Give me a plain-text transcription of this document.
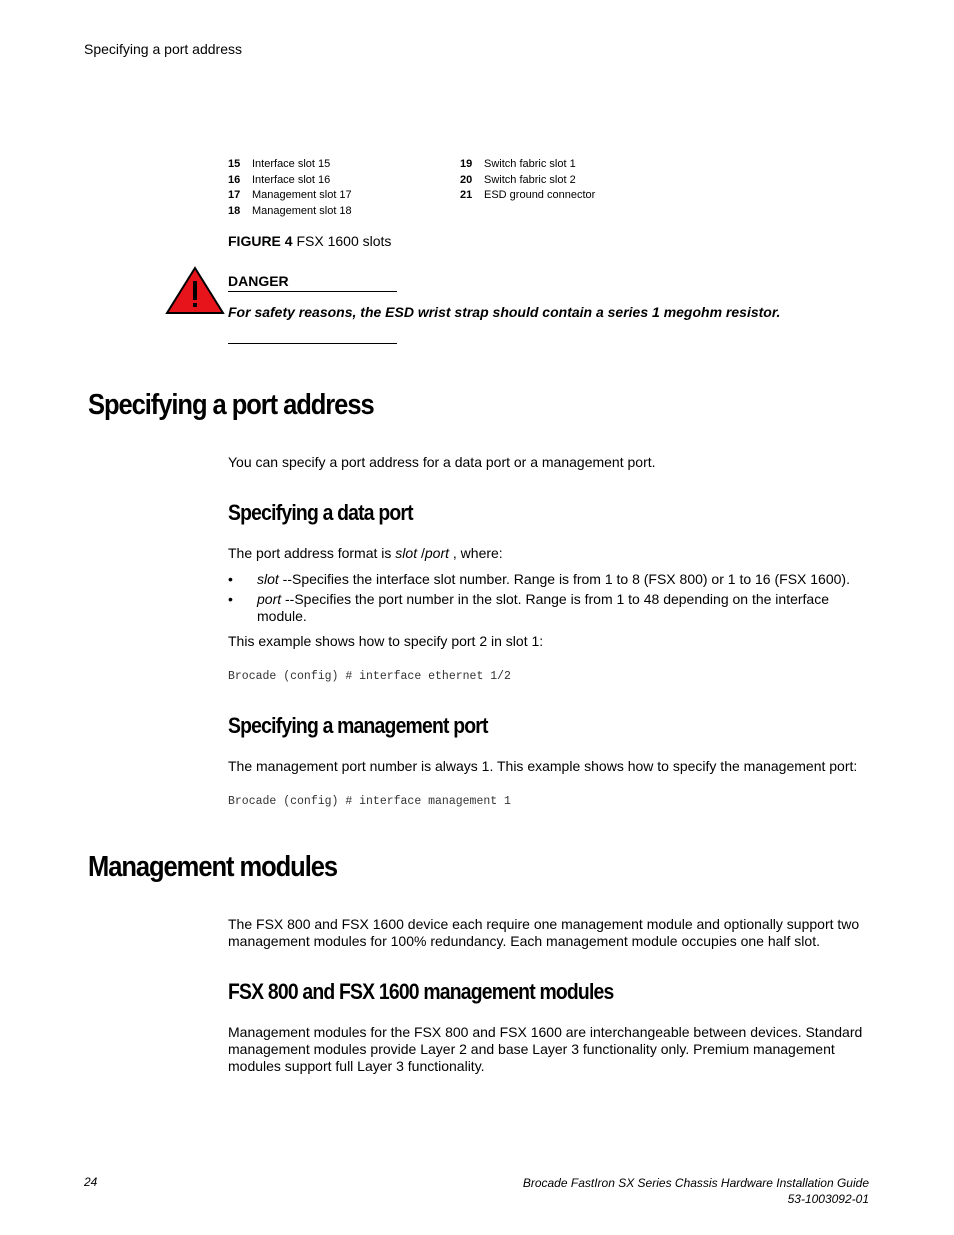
Specifying a port address
15	Interface slot 15
16	Interface slot 16
17	Management slot 17
18	Management slot 18
19	Switch fabric slot 1
20	Switch fabric slot 2
21	ESD ground connector
FIGURE 4 FSX 1600 slots
DANGER
For safety reasons, the ESD wrist strap should contain a series 1 megohm resistor.
Specifying a port address
You can specify a port address for a data port or a management port.
Specifying a data port
The port address format is slot /port , where:
• slot --Specifies the interface slot number. Range is from 1 to 8 (FSX 800) or 1 to 16 (FSX 1600).
• port --Specifies the port number in the slot. Range is from 1 to 48 depending on the interface module.
This example shows how to specify port 2 in slot 1:
Brocade (config) # interface ethernet 1/2
Specifying a management port
The management port number is always 1. This example shows how to specify the management port:
Brocade (config) # interface management 1
Management modules
The FSX 800 and FSX 1600 device each require one management module and optionally support two management modules for 100% redundancy. Each management module occupies one half slot.
FSX 800 and FSX 1600 management modules
Management modules for the FSX 800 and FSX 1600 are interchangeable between devices. Standard management modules provide Layer 2 and base Layer 3 functionality only. Premium management modules support full Layer 3 functionality.
24	Brocade FastIron SX Series Chassis Hardware Installation Guide
53-1003092-01
